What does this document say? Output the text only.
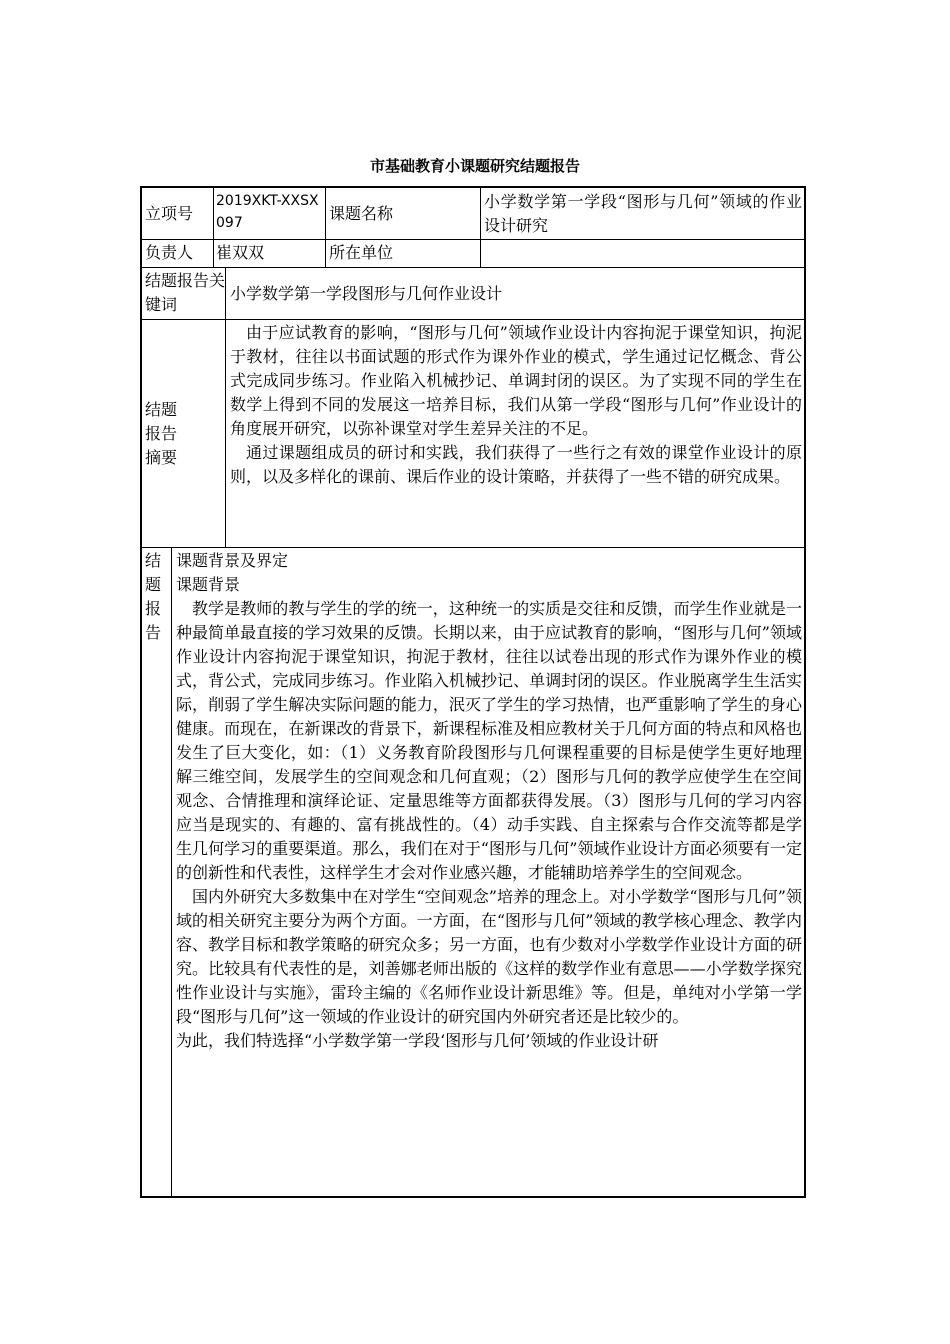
市基础教育小课题研究结题报告
立项号
2019XKT-XXSX097
课题名称
小学数学第一学段“图形与几何”领域的作业设计研究
负责人	崔双双	所在单位
结题报告关键词
小学数学第一学段图形与几何作业设计
结题报告摘要

由于应试教育的影响，“图形与几何”领域作业设计内容拘泥于课堂知识，拘泥于教材，往往以书面试题的形式作为课外作业的模式，学生通过记忆概念、背公式完成同步练习。作业陷入机械抄记、单调封闭的误区。为了实现不同的学生在数学上得到不同的发展这一培养目标，我们从第一学段“图形与几何”作业设计的角度展开研究，以弥补课堂对学生差异关注的不足。

通过课题组成员的研讨和实践，我们获得了一些行之有效的课堂作业设计的原则，以及多样化的课前、课后作业的设计策略，并获得了一些不错的研究成果。

结题报告

课题背景及界定

课题背景

教学是教师的教与学生的学的统一，这种统一的实质是交往和反馈，而学生作业就是一种最简单最直接的学习效果的反馈。长期以来，由于应试教育的影响，“图形与几何”领域作业设计内容拘泥于课堂知识，拘泥于教材，往往以试卷出现的形式作为课外作业的模式，背公式，完成同步练习。作业陷入机械抄记、单调封闭的误区。作业脱离学生生活实际，削弱了学生解决实际问题的能力，泯灭了学生的学习热情，也严重影响了学生的身心健康。而现在，在新课改的背景下，新课程标准及相应教材关于几何方面的特点和风格也发生了巨大变化，如：（1）义务教育阶段图形与几何课程重要的目标是使学生更好地理解三维空间，发展学生的空间观念和几何直观；（2）图形与几何的教学应使学生在空间观念、合情推理和演绎论证、定量思维等方面都获得发展。（3）图形与几何的学习内容应当是现实的、有趣的、富有挑战性的。（4）动手实践、自主探索与合作交流等都是学生几何学习的重要渠道。那么，我们在对于“图形与几何”领域作业设计方面必须要有一定的创新性和代表性，这样学生才会对作业感兴趣，才能辅助培养学生的空间观念。

国内外研究大多数集中在对学生“空间观念”培养的理念上。对小学数学“图形与几何”领域的相关研究主要分为两个方面。一方面，在“图形与几何”领域的教学核心理念、教学内容、教学目标和教学策略的研究众多；另一方面，也有少数对小学数学作业设计方面的研究。比较具有代表性的是，刘善娜老师出版的《这样的数学作业有意思——小学数学探究性作业设计与实施》，雷玲主编的《名师作业设计新思维》等。但是，单纯对小学第一学段“图形与几何”这一领域的作业设计的研究国内外研究者还是比较少的。

为此，我们特选择“小学数学第一学段‘图形与几何’领域的作业设计研
